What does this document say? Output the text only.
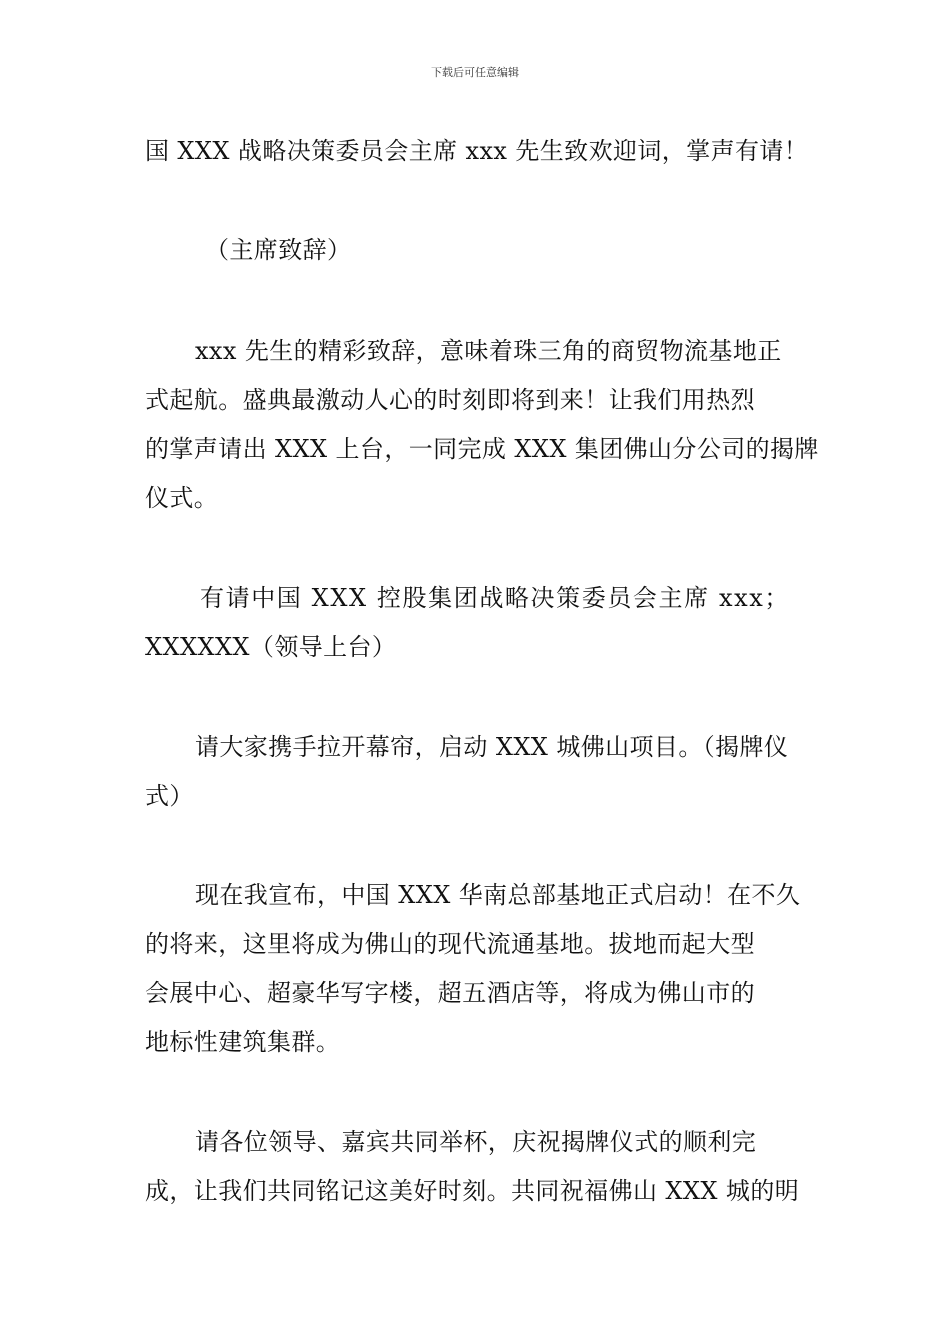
下载后可任意编辑
国 XXX 战略决策委员会主席 xxx 先生致欢迎词，掌声有请！
（主席致辞）
xxx 先生的精彩致辞，意味着珠三角的商贸物流基地正
式起航。盛典最激动人心的时刻即将到来！让我们用热烈
的掌声请出 XXX 上台，一同完成 XXX 集团佛山分公司的揭牌
仪式。
有请中国 XXX 控股集团战略决策委员会主席 xxx；
XXXXXX（领导上台）
请大家携手拉开幕帘，启动 XXX 城佛山项目。（揭牌仪
式）
现在我宣布，中国 XXX 华南总部基地正式启动！在不久
的将来，这里将成为佛山的现代流通基地。拔地而起大型
会展中心、超豪华写字楼，超五酒店等，将成为佛山市的
地标性建筑集群。
请各位领导、嘉宾共同举杯，庆祝揭牌仪式的顺利完
成，让我们共同铭记这美好时刻。共同祝福佛山 XXX 城的明
